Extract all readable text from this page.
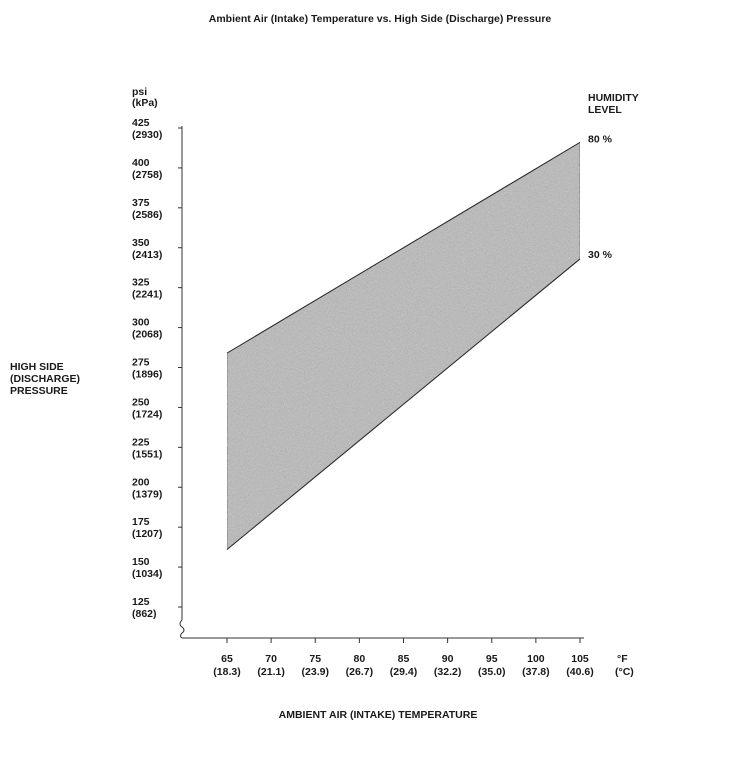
Ambient Air (Intake) Temperature vs. High Side (Discharge) Pressure
psi
(kPa)	HUMIDITY
LEVEL
HIGH SIDE
(DISCHARGE)
PRESSURE
°F
(°C)
AMBIENT AIR (INTAKE) TEMPERATURE
425
(2930)
400
(2758)
375
(2586)
350
(2413)
325
(2241)
300
(2068)
275
(1896)
250
(1724)
225
(1551)
200
(1379)
175
(1207)
150
(1034)
125
(862)
65
(18.3)
70
(21.1)
75
(23.9)
80
(26.7)
85
(29.4)
90
(32.2)
95
(35.0)
100
(37.8)
105
(40.6)
80 %
30 %
